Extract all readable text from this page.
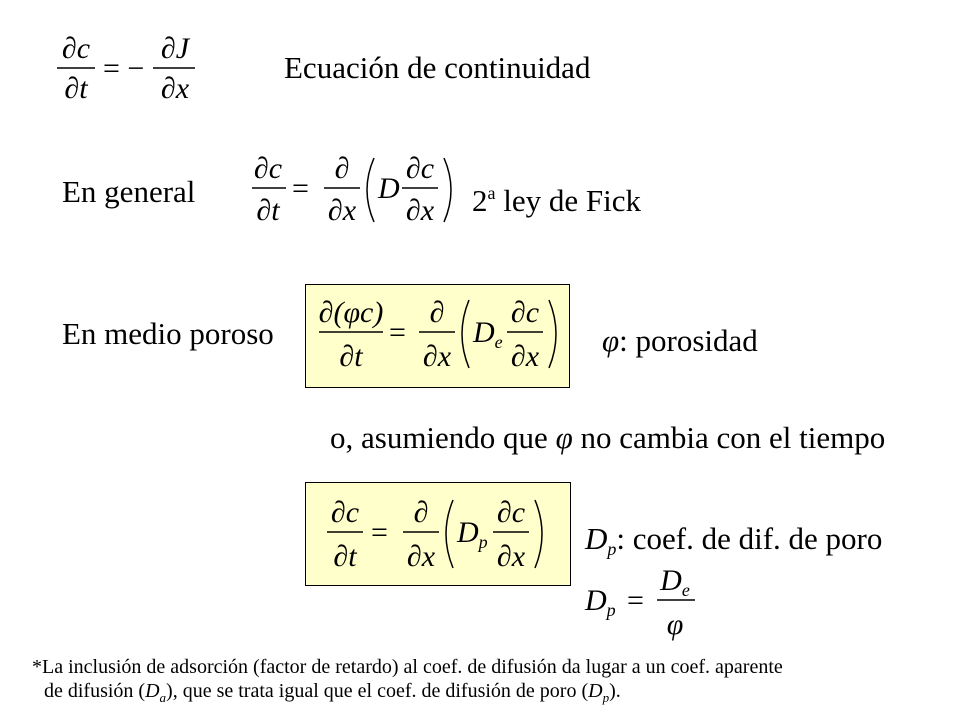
∂c
∂t
= −
∂J
∂x
Ecuación de continuidad
En general
∂c
∂t
=
∂
∂x
D
∂c
∂x 2$^a$ ley de Fick
En medio poroso
∂(φc)
∂t
=
∂
∂x
$D_e$
∂c
∂x φ: porosidad
o, asumiendo que φ no cambia con el tiempo
∂c
∂t
=
∂
∂x
$D_p$
∂c
∂x
$D_p$: coef. de dif. de poro
$D_p$ =
$D_e$
φ
*La inclusión de adsorción (factor de retardo) al coef. de difusión da lugar a un coef. aparente
de difusión $(D_a)$, que se trata igual que el coef. de difusión de poro $(D_p)$.
